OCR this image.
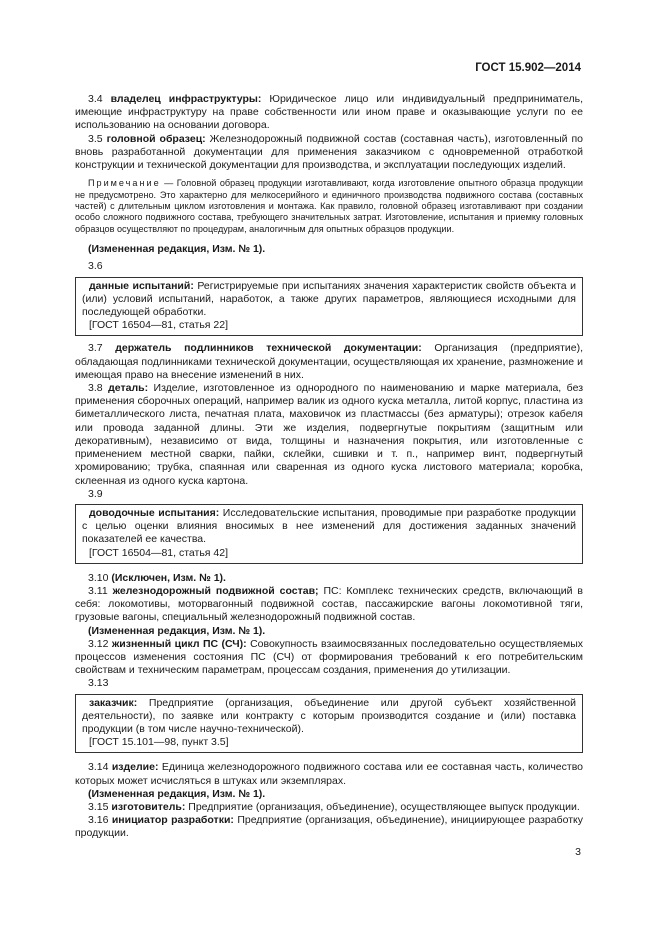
ГОСТ 15.902—2014

3.4 владелец инфраструктуры: Юридическое лицо или индивидуальный предприниматель, имеющие инфраструктуру на праве собственности или ином праве и оказывающие услуги по ее использованию на основании договора.

3.5 головной образец: Железнодорожный подвижной состав (составная часть), изготовленный по вновь разработанной документации для применения заказчиком с одновременной отработкой конструкции и технической документации для производства, и эксплуатации последующих изделий.

Примечание — Головной образец продукции изготавливают, когда изготовление опытного образца продукции не предусмотрено. Это характерно для мелкосерийного и единичного производства подвижного состава (составных частей) с длительным циклом изготовления и монтажа. Как правило, головной образец изготавливают при создании особо сложного подвижного состава, требующего значительных затрат. Изготовление, испытания и приемку головных образцов осуществляют по процедурам, аналогичным для опытных образцов продукции.

(Измененная редакция, Изм. № 1).

3.6

данные испытаний: Регистрируемые при испытаниях значения характеристик свойств объекта и (или) условий испытаний, наработок, а также других параметров, являющиеся исходными для последующей обработки.

[ГОСТ 16504—81, статья 22]

3.7 держатель подлинников технической документации: Организация (предприятие), обладающая подлинниками технической документации, осуществляющая их хранение, размножение и имеющая право на внесение изменений в них.

3.8 деталь: Изделие, изготовленное из однородного по наименованию и марке материала, без применения сборочных операций, например валик из одного куска металла, литой корпус, пластина из биметаллического листа, печатная плата, маховичок из пластмассы (без арматуры); отрезок кабеля или провода заданной длины. Эти же изделия, подвергнутые покрытиям (защитным или декоративным), независимо от вида, толщины и назначения покрытия, или изготовленные с применением местной сварки, пайки, склейки, сшивки и т. п., например винт, подвергнутый хромированию; трубка, спаянная или сваренная из одного куска листового материала; коробка, склеенная из одного куска картона.

3.9

доводочные испытания: Исследовательские испытания, проводимые при разработке продукции с целью оценки влияния вносимых в нее изменений для достижения заданных значений показателей ее качества.

[ГОСТ 16504—81, статья 42]

3.10 (Исключен, Изм. № 1).

3.11 железнодорожный подвижной состав; ПС: Комплекс технических средств, включающий в себя: локомотивы, моторвагонный подвижной состав, пассажирские вагоны локомотивной тяги, грузовые вагоны, специальный железнодорожный подвижной состав.

(Измененная редакция, Изм. № 1).

3.12 жизненный цикл ПС (СЧ): Совокупность взаимосвязанных последовательно осуществляемых процессов изменения состояния ПС (СЧ) от формирования требований к его потребительским свойствам и техническим параметрам, процессам создания, применения до утилизации.

3.13

заказчик: Предприятие (организация, объединение или другой субъект хозяйственной деятельности), по заявке или контракту с которым производится создание и (или) поставка продукции (в том числе научно-технической).

[ГОСТ 15.101—98, пункт 3.5]

3.14 изделие: Единица железнодорожного подвижного состава или ее составная часть, количество которых может исчисляться в штуках или экземплярах.

(Измененная редакция, Изм. № 1).

3.15 изготовитель: Предприятие (организация, объединение), осуществляющее выпуск продукции.

3.16 инициатор разработки: Предприятие (организация, объединение), инициирующее разработку продукции.

3
